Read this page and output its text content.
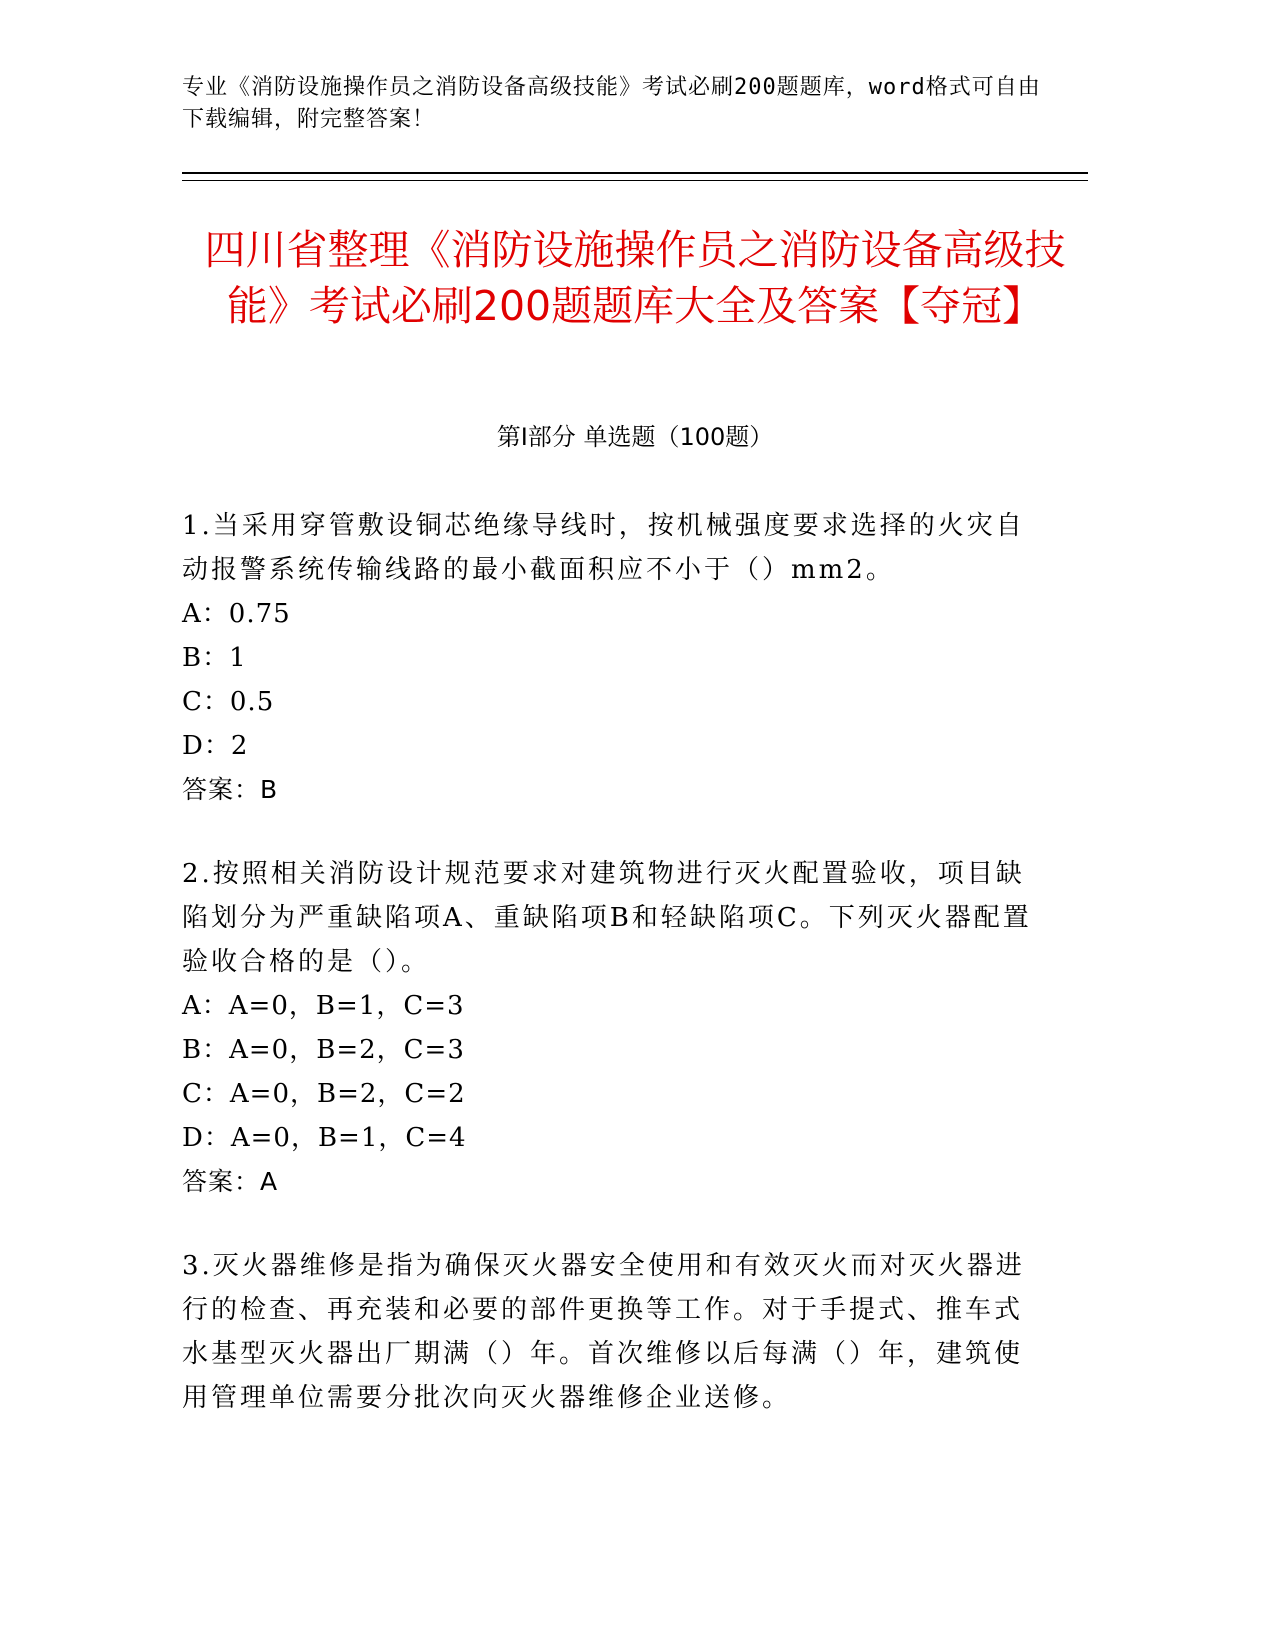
专业《消防设施操作员之消防设备高级技能》考试必刷200题题库，word格式可自由下载编辑，附完整答案！
四川省整理《消防设施操作员之消防设备高级技能》考试必刷200题题库大全及答案【夺冠】
第I部分 单选题（100题）

1.当采用穿管敷设铜芯绝缘导线时，按机械强度要求选择的火灾自动报警系统传输线路的最小截面积应不小于（）mm2。

A：0.75

B：1

C：0.5

D：2

答案：B

2.按照相关消防设计规范要求对建筑物进行灭火配置验收，项目缺陷划分为严重缺陷项A、重缺陷项B和轻缺陷项C。下列灭火器配置验收合格的是（）。

A：A=0，B=1，C=3

B：A=0，B=2，C=3

C：A=0，B=2，C=2

D：A=0，B=1，C=4

答案：A

3.灭火器维修是指为确保灭火器安全使用和有效灭火而对灭火器进行的检查、再充装和必要的部件更换等工作。对于手提式、推车式水基型灭火器出厂期满（）年。首次维修以后每满（）年，建筑使用管理单位需要分批次向灭火器维修企业送修。
